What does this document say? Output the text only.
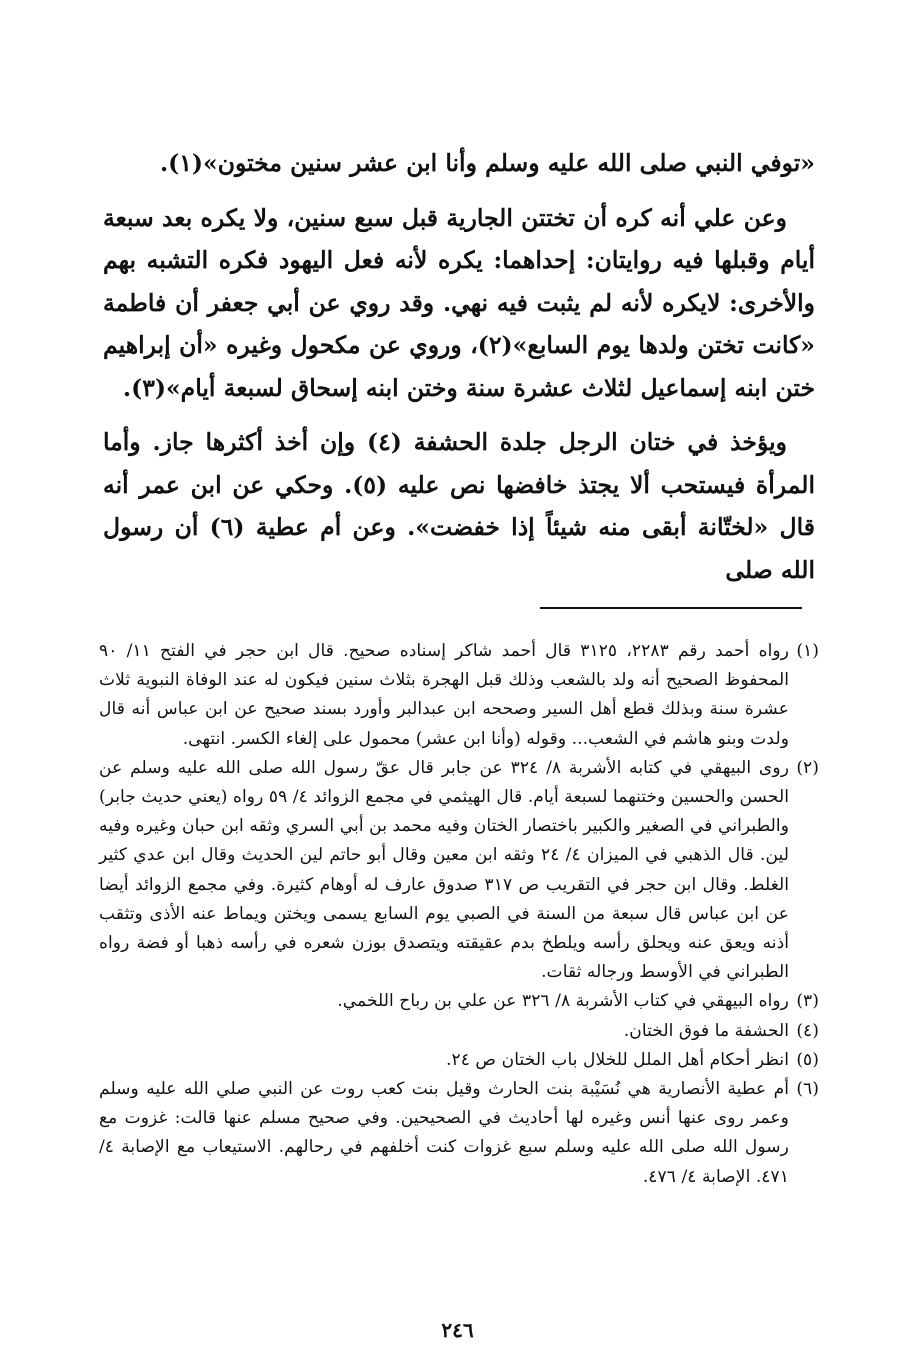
«توفي النبي صلى الله عليه وسلم وأنا ابن عشر سنين مختون»(١).

وعن علي أنه كره أن تختتن الجارية قبل سبع سنين، ولا يكره بعد سبعة أيام وقبلها فيه روايتان: إحداهما: يكره لأنه فعل اليهود فكره التشبه بهم والأخرى: لايكره لأنه لم يثبت فيه نهي. وقد روي عن أبي جعفر أن فاطمة «كانت تختن ولدها يوم السابع»(٢)، وروي عن مكحول وغيره «أن إبراهيم ختن ابنه إسماعيل لثلاث عشرة سنة وختن ابنه إسحاق لسبعة أيام»(٣).

ويؤخذ في ختان الرجل جلدة الحشفة (٤) وإن أخذ أكثرها جاز. وأما المرأة فيستحب ألا يجتذ خافضها نص عليه (٥). وحكي عن ابن عمر أنه قال «لختّانة أبقى منه شيئاً إذا خفضت». وعن أم عطية (٦) أن رسول الله صلى

(١)
رواه أحمد رقم ٢٢٨٣، ٣١٢٥ قال أحمد شاكر إسناده صحيح. قال ابن حجر في الفتح ١١/ ٩٠ المحفوظ الصحيح أنه ولد بالشعب وذلك قبل الهجرة بثلاث سنين فيكون له عند الوفاة النبوية ثلاث عشرة سنة وبذلك قطع أهل السير وصححه ابن عبدالبر وأورد بسند صحيح عن ابن عباس أنه قال ولدت وبنو هاشم في الشعب... وقوله (وأنا ابن عشر) محمول على إلغاء الكسر. انتهى.
(٢)
روى البيهقي في كتابه الأشربة ٨/ ٣٢٤ عن جابر قال عقّ رسول الله صلى الله عليه وسلم عن الحسن والحسين وختنهما لسبعة أيام. قال الهيثمي في مجمع الزوائد ٤/ ٥٩ رواه (يعني حديث جابر) والطبراني في الصغير والكبير باختصار الختان وفيه محمد بن أبي السري وثقه ابن حبان وغيره وفيه لين. قال الذهبي في الميزان ٤/ ٢٤ وثقه ابن معين وقال أبو حاتم لين الحديث وقال ابن عدي كثير الغلط. وقال ابن حجر في التقريب ص ٣١٧ صدوق عارف له أوهام كثيرة. وفي مجمع الزوائد أيضا عن ابن عباس قال سبعة من السنة في الصبي يوم السابع يسمى ويختن ويماط عنه الأذى وتثقب أذنه ويعق عنه ويحلق رأسه ويلطخ بدم عقيقته ويتصدق بوزن شعره في رأسه ذهبا أو فضة رواه الطبراني في الأوسط ورجاله ثقات.
(٣)
رواه البيهقي في كتاب الأشربة ٨/ ٣٢٦ عن علي بن رباح اللخمي.
(٤)
الحشفة ما فوق الختان.
(٥)
انظر أحكام أهل الملل للخلال باب الختان ص ٢٤.
(٦)
أم عطية الأنصارية هي نُسَيْبة بنت الحارث وقيل بنت كعب روت عن النبي صلي الله عليه وسلم وعمر روى عنها أنس وغيره لها أحاديث في الصحيحين. وفي صحيح مسلم عنها قالت: غزوت مع رسول الله صلى الله عليه وسلم سبع غزوات كنت أخلفهم في رحالهم. الاستيعاب مع الإصابة ٤/ ٤٧١. الإصابة ٤/ ٤٧٦.
٢٤٦
